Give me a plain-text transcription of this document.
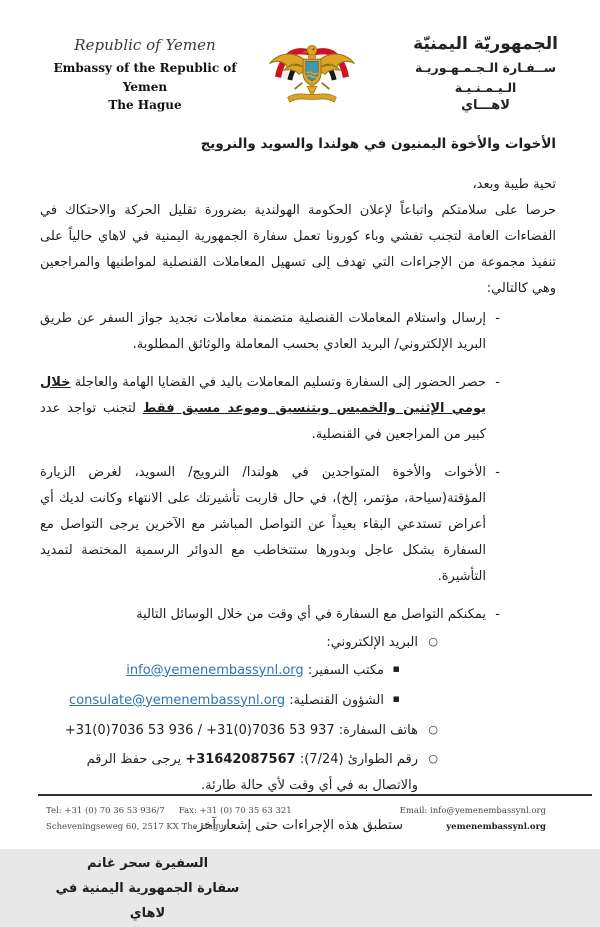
Republic of Yemen
Embassy of the Republic of Yemen
The Hague
الجمهوريّة اليمنيّة
ســفـارة الـجـمـهـوريـة الـيـمـنـيـة
لاهـــاي
الأخوات والأخوة اليمنيون في هولندا والسويد والنرويج

تحية طيبة وبعد،

حرصا على سلامتكم واتباعاً لإعلان الحكومة الهولندية بضرورة تقليل الحركة والاحتكاك في الفضاءات العامة لتجنب تفشي وباء كورونا تعمل سفارة الجمهورية اليمنية في لاهاي حالياً على تنفيذ مجموعة من الإجراءات التي تهدف إلى تسهيل المعاملات القنصلية لمواطنيها والمراجعين وهي كالتالي:

- إرسال واستلام المعاملات القنصلية متضمنة معاملات تجديد جواز السفر عن طريق البريد الإلكتروني/ البريد العادي بحسب المعاملة والوثائق المطلوبة.
- حصر الحضور إلى السفارة وتسليم المعاملات باليد في القضايا الهامة والعاجلة خلال يومي الإثنين والخميس وبتنسيق وموعد مسبق فقط لتجنب تواجد عدد كبير من المراجعين في القنصلية.
- الأخوات والأخوة المتواجدين في هولندا/ النرويج/ السويد، لغرض الزيارة المؤقتة(سياحة، مؤتمر، إلخ)، في حال قاربت تأشيرتك على الانتهاء وكانت لديك أي أعراض تستدعي البقاء بعيداً عن التواصل المباشر مع الآخرين يرجى التواصل مع السفارة بشكل عاجل وبدورها ستتخاطب مع الدوائر الرسمية المختصة لتمديد التأشيرة.
- يمكنكم التواصل مع السفارة في أي وقت من خلال الوسائل التالية
○ البريد الإلكتروني:
▪ مكتب السفير: info@yemenembassynl.org
▪ الشؤون القنصلية: consulate@yemenembassynl.org
○ هاتف السفارة: +31(0)7036 53 937 / +31(0)7036 53 936
○ رقم الطوارئ (7/24): +31642087567 يرجى حفظ الرقم والاتصال به في أي وقت لأي حالة طارئة.

ستطبق هذه الإجراءات حتى إشعار آخر.

السفيرة سحر غانم
سفارة الجمهورية اليمنية في لاهاي
Tel: +31 (0) 70 36 53 936/7 Fax: +31 (0) 70 35 63 321
Scheveningseweg 60, 2517 KX The Hague
Email: info@yemenembassynl.org
yemenembassynl.org
